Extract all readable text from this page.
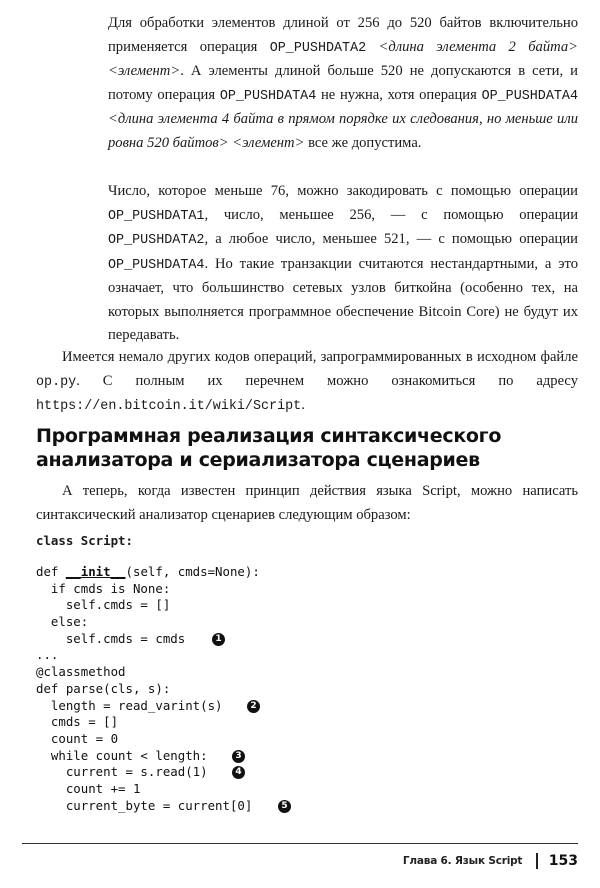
Для обработки элементов длиной от 256 до 520 байтов включительно применяется операция OP_PUSHDATA2 <длина элемента 2 байта> <элемент>. А элементы длиной больше 520 не допускаются в сети, и потому операция OP_PUSHDATA4 не нужна, хотя операция OP_PUSHDATA4 <длина элемента 4 байта в прямом порядке их следования, но меньше или ровна 520 байтов> <элемент> все же допустима.

Число, которое меньше 76, можно закодировать с помощью операции OP_PUSHDATA1, число, меньшее 256, — с помощью операции OP_PUSHDATA2, а любое число, меньшее 521, — с помощью операции OP_PUSHDATA4. Но такие транзакции считаются нестандартными, а это означает, что большинство сетевых узлов биткойна (особенно тех, на которых выполняется программное обеспечение Bitcoin Core) не будут их передавать.

Имеется немало других кодов операций, запрограммированных в исходном файле op.py. С полным их перечнем можно ознакомиться по адресу https://en.bitcoin.it/wiki/Script.

Программная реализация синтаксического анализатора и сериализатора сценариев

А теперь, когда известен принцип действия языка Script, можно написать синтаксический анализатор сценариев следующим образом:

class Script:
def __init__(self, cmds=None):
if cmds is None:
self.cmds = []
else:
self.cmds = cmds	1
...
@classmethod
def parse(cls, s):
length = read_varint(s)	2
cmds = []
count = 0
while count < length:	3
current = s.read(1)	4
count += 1
current_byte = current[0]	5
Глава 6. Язык Script 153
